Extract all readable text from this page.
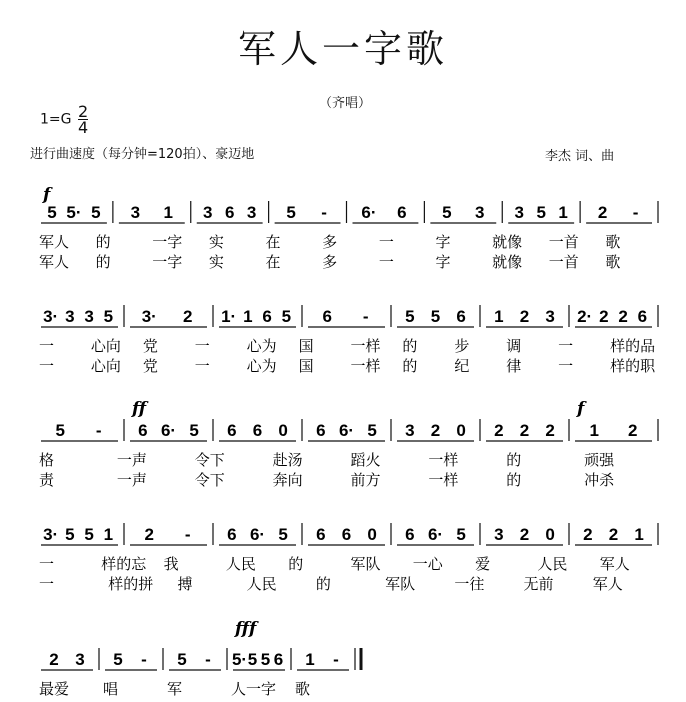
军人一字歌
（齐唱）
$1=G \frac{2}{4}$
进行曲速度（每分钟=120拍）、豪迈地	李杰 词、曲
5 5· 5 3 1 3 6 3 5 - 6· 6 5 3 3 5 1 2 -
f
军人 的	一字 实	在	多	一	字	就像 一首 歌
军人 的	一字 实	在	多	一	字	就像 一首 歌
3· 3 3 5 3· 2 1· 1 6 5 6 - 5 5 6 1 2 3 2· 2 2 6
一 心向 党 一 心为 国 一样 的 步 调 一 样的品
一 心向 党 一 心为 国 一样 的 纪 律 一 样的职
5 - 6 6· 5 6 6 0 6 6· 5 3 2 0 2 2 2 1 2
ff	f
格	一声	令下	赴汤	蹈火	一样	的	顽强
责	一声	令下	奔向	前方	一样	的	冲杀
3· 5 5 1 2 - 6 6· 5 6 6 0 6 6· 5 3 2 0 2 2 1
一	样的忘 我	人民 的	军队 一心 爱	人民 军人
一	样的拼 搏	人民	的	军队	一往	无前	军人
2 3 5 - 5 - 5· 5 5 6 1 -
fff
最爱 唱	军	人一字 歌
